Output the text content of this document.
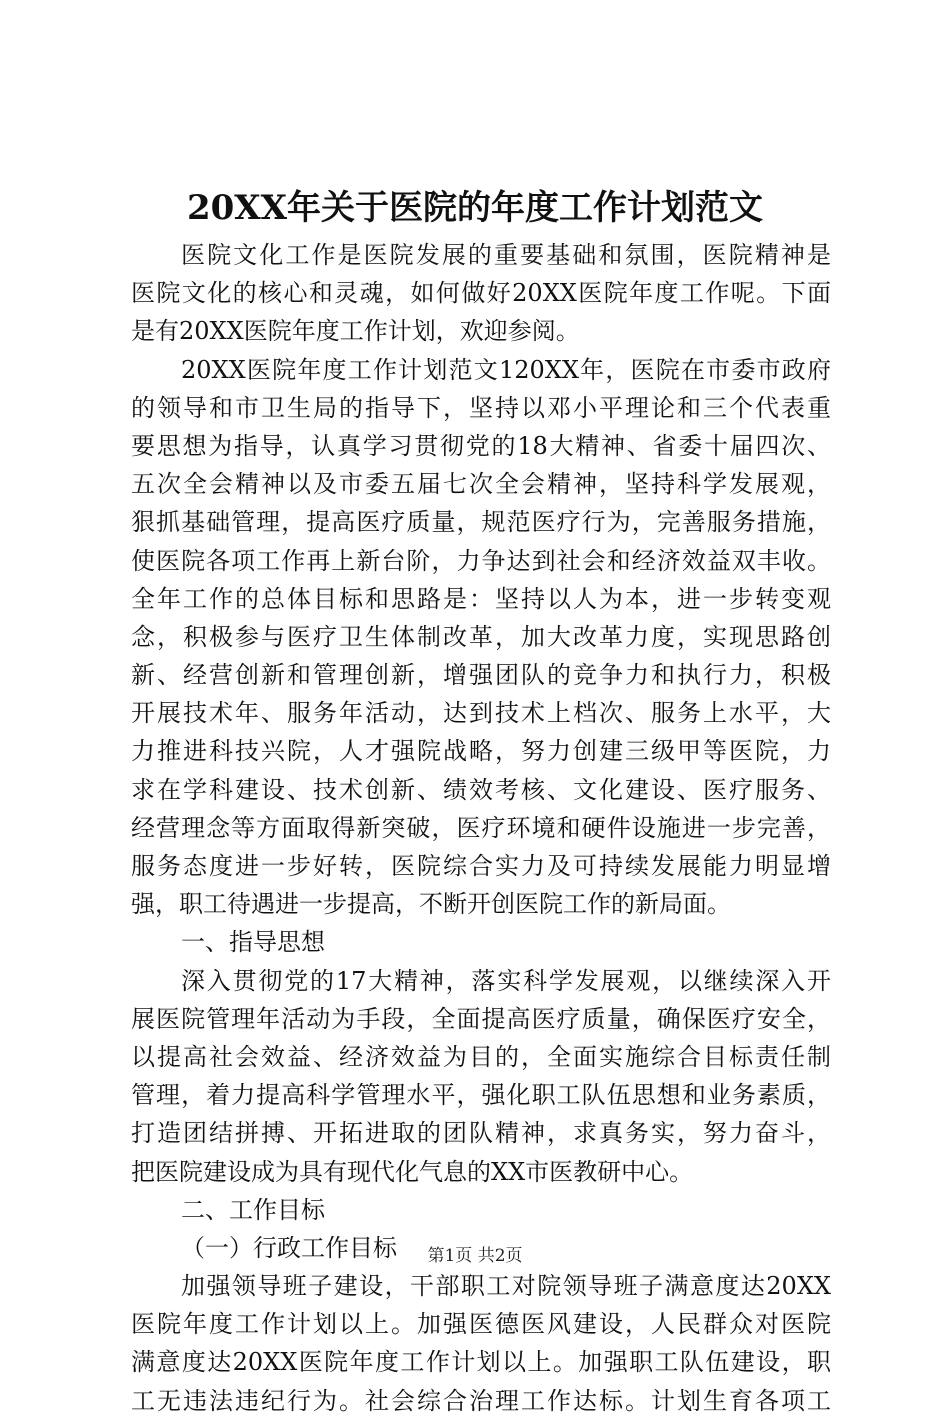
20XX年关于医院的年度工作计划范文
医院文化工作是医院发展的重要基础和氛围，医院精神是
医院文化的核心和灵魂，如何做好20XX医院年度工作呢。下面
是有20XX医院年度工作计划，欢迎参阅。
20XX医院年度工作计划范文120XX年，医院在市委市政府
的领导和市卫生局的指导下，坚持以邓小平理论和三个代表重
要思想为指导，认真学习贯彻党的18大精神、省委十届四次、
五次全会精神以及市委五届七次全会精神，坚持科学发展观，
狠抓基础管理，提高医疗质量，规范医疗行为，完善服务措施，
使医院各项工作再上新台阶，力争达到社会和经济效益双丰收。
全年工作的总体目标和思路是：坚持以人为本，进一步转变观
念，积极参与医疗卫生体制改革，加大改革力度，实现思路创
新、经营创新和管理创新，增强团队的竞争力和执行力，积极
开展技术年、服务年活动，达到技术上档次、服务上水平，大
力推进科技兴院，人才强院战略，努力创建三级甲等医院，力
求在学科建设、技术创新、绩效考核、文化建设、医疗服务、
经营理念等方面取得新突破，医疗环境和硬件设施进一步完善，
服务态度进一步好转，医院综合实力及可持续发展能力明显增
强，职工待遇进一步提高，不断开创医院工作的新局面。
一、指导思想
深入贯彻党的17大精神，落实科学发展观，以继续深入开
展医院管理年活动为手段，全面提高医疗质量，确保医疗安全，
以提高社会效益、经济效益为目的，全面实施综合目标责任制
管理，着力提高科学管理水平，强化职工队伍思想和业务素质，
打造团结拼搏、开拓进取的团队精神，求真务实，努力奋斗，
把医院建设成为具有现代化气息的XX市医教研中心。
二、工作目标
（一）行政工作目标
加强领导班子建设，干部职工对院领导班子满意度达20XX
医院年度工作计划以上。加强医德医风建设，人民群众对医院
满意度达20XX医院年度工作计划以上。加强职工队伍建设，职
工无违法违纪行为。社会综合治理工作达标。计划生育各项工
第1页 共2页
